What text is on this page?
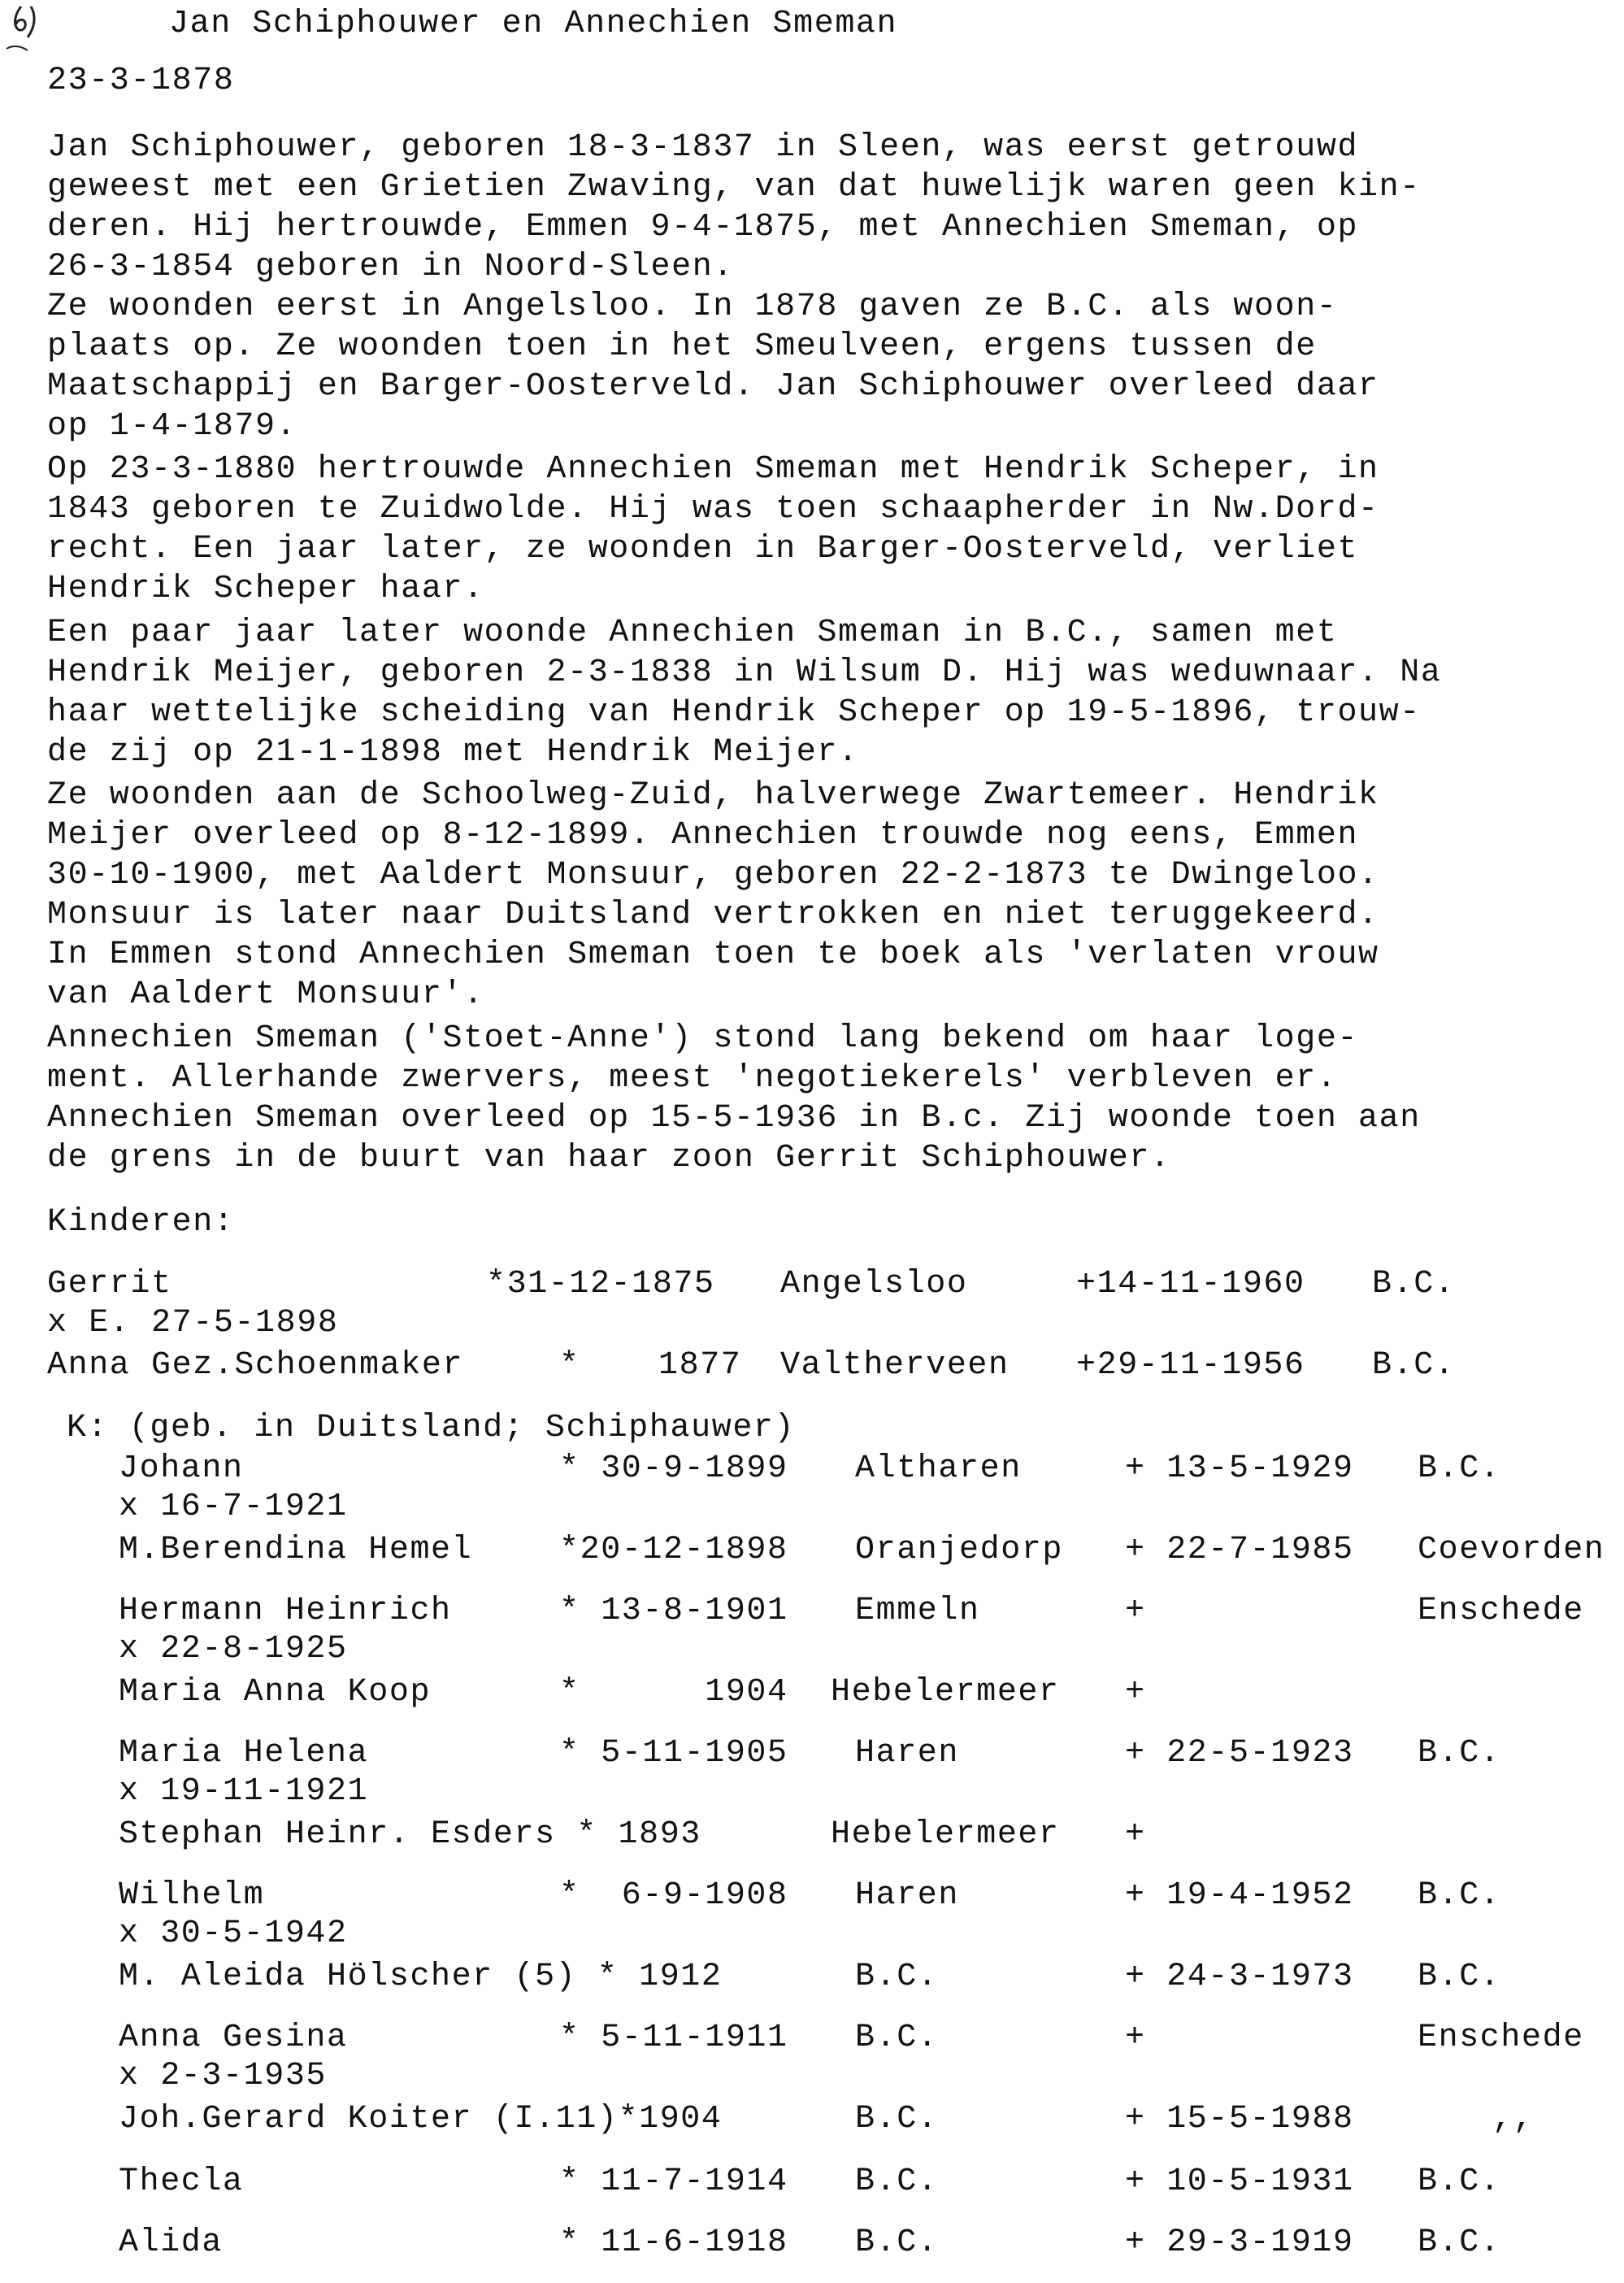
6)

Jan Schiphouwer en Annechien Smeman

23-3-1878

Jan Schiphouwer, geboren 18-3-1837 in Sleen, was eerst getrouwd

geweest met een Grietien Zwaving, van dat huwelijk waren geen kin-

deren. Hij hertrouwde, Emmen 9-4-1875, met Annechien Smeman, op

26-3-1854 geboren in Noord-Sleen.

Ze woonden eerst in Angelsloo. In 1878 gaven ze B.C. als woon-

plaats op. Ze woonden toen in het Smeulveen, ergens tussen de

Maatschappij en Barger-Oosterveld. Jan Schiphouwer overleed daar

op 1-4-1879.

Op 23-3-1880 hertrouwde Annechien Smeman met Hendrik Scheper, in

1843 geboren te Zuidwolde. Hij was toen schaapherder in Nw.Dord-

recht. Een jaar later, ze woonden in Barger-Oosterveld, verliet

Hendrik Scheper haar.

Een paar jaar later woonde Annechien Smeman in B.C., samen met

Hendrik Meijer, geboren 2-3-1838 in Wilsum D. Hij was weduwnaar. Na

haar wettelijke scheiding van Hendrik Scheper op 19-5-1896, trouw-

de zij op 21-1-1898 met Hendrik Meijer.

Ze woonden aan de Schoolweg-Zuid, halverwege Zwartemeer. Hendrik

Meijer overleed op 8-12-1899. Annechien trouwde nog eens, Emmen

30-10-1900, met Aaldert Monsuur, geboren 22-2-1873 te Dwingeloo.

Monsuur is later naar Duitsland vertrokken en niet teruggekeerd.

In Emmen stond Annechien Smeman toen te boek als 'verlaten vrouw

van Aaldert Monsuur'.

Annechien Smeman ('Stoet-Anne') stond lang bekend om haar loge-

ment. Allerhande zwervers, meest 'negotiekerels' verbleven er.

Annechien Smeman overleed op 15-5-1936 in B.c. Zij woonde toen aan

de grens in de buurt van haar zoon Gerrit Schiphouwer.

Kinderen:

Gerrit	*31-12-1875 Angelsloo	+14-11-1960 B.C.

x E. 27-5-1898

Anna Gez.Schoenmaker	* 1877 Valtherveen +29-11-1956 B.C.

K: (geb. in Duitsland; Schiphauwer)

Johann	* 30-9-1899 Altharen	+ 13-5-1929 B.C.

x 16-7-1921

M.Berendina Hemel	*20-12-1898 Oranjedorp + 22-7-1985 Coevorden

Hermann Heinrich	* 13-8-1901 Emmeln	+	Enschede

x 22-8-1925

Maria Anna Koop	*      1904 Hebelermeer +

Maria Helena	* 5-11-1905 Haren	+ 22-5-1923 B.C.

x 19-11-1921

Stephan Heinr. Esders * 1893	Hebelermeer +

Wilhelm	*  6-9-1908 Haren	+ 19-4-1952 B.C.

x 30-5-1942

M. Aleida Hölscher (5) * 1912	B.C.	+ 24-3-1973 B.C.

Anna Gesina	* 5-11-1911 B.C.	+	Enschede

x 2-3-1935

Joh.Gerard Koiter (I.11)*1904	B.C.	+ 15-5-1988	,,

Thecla	* 11-7-1914 B.C.	+ 10-5-1931 B.C.

Alida	* 11-6-1918 B.C.	+ 29-3-1919 B.C.
